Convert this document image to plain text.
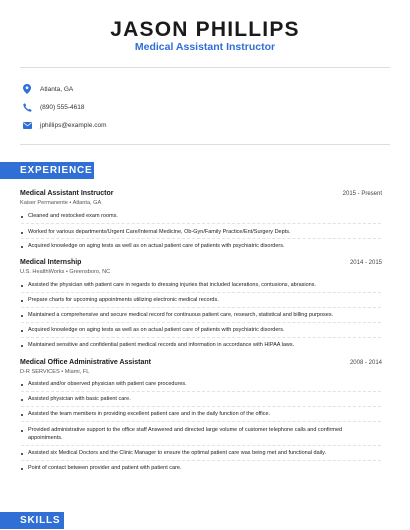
JASON PHILLIPS
Medical Assistant Instructor
Atlanta, GA
(890) 555-4618
jphillips@example.com
EXPERIENCE
Medical Assistant Instructor	2015 - Present
Kaiser Permanente • Atlanta, GA
Cleaned and restocked exam rooms.
Worked for various departments/Urgent Care/Internal Medicine, Ob-Gyn/Family Practice/Ent/Surgery Depts.
Acquired knowledge on aging tests as well as on actual patient care of patients with psychiatric disorders.
Medical Internship	2014 - 2015
U.S. HealthWorks • Greensboro, NC
Assisted the physician with patient care in regards to dressing injuries that included lacerations, contusions, abrasions.
Prepare charts for upcoming appointments utilizing electronic medical records.
Maintained a comprehensive and secure medical record for continuous patient care, research, statistical and billing purposes.
Acquired knowledge on aging tests as well as on actual patient care of patients with psychiatric disorders.
Maintained sensitive and confidential patient medical records and information in accordance with HIPAA laws.
Medical Office Administrative Assistant	2008 - 2014
D-R SERVICES • Miami, FL
Assisted and/or observed physician with patient care procedures.
Assisted physician with basic patient care.
Assisted the team members in providing excellent patient care and in the daily function of the office.
Provided administrative support to the office staff Answered and directed large volume of customer telephone calls and confirmed appointments.
Assisted six Medical Doctors and the Clinic Manager to ensure the optimal patient care was being met and functional daily.
Point of contact between provider and patient with patient care.
SKILLS
